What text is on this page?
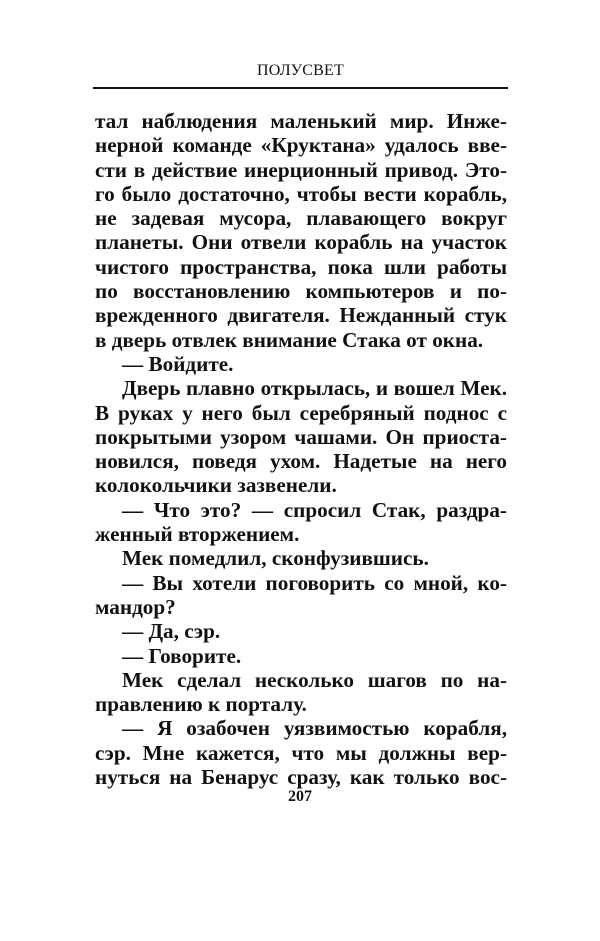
ПОЛУСВЕТ
тал наблюдения маленький мир. Инже-
нерной команде «Круктана» удалось вве-
сти в действие инерционный привод. Это-
го было достаточно, чтобы вести корабль,
не задевая мусора, плавающего вокруг
планеты. Они отвели корабль на участок
чистого пространства, пока шли работы
по восстановлению компьютеров и по-
врежденного двигателя. Нежданный стук
в дверь отвлек внимание Стака от окна.
— Войдите.
Дверь плавно открылась, и вошел Мек.
В руках у него был серебряный поднос с
покрытыми узором чашами. Он приоста-
новился, поведя ухом. Надетые на него
колокольчики зазвенели.
— Что это? — спросил Стак, раздра-
женный вторжением.
Мек помедлил, сконфузившись.
— Вы хотели поговорить со мной, ко-
мандор?
— Да, сэр.
— Говорите.
Мек сделал несколько шагов по на-
правлению к порталу.
— Я озабочен уязвимостью корабля,
сэр. Мне кажется, что мы должны вер-
нуться на Бенарус сразу, как только вос-
207
